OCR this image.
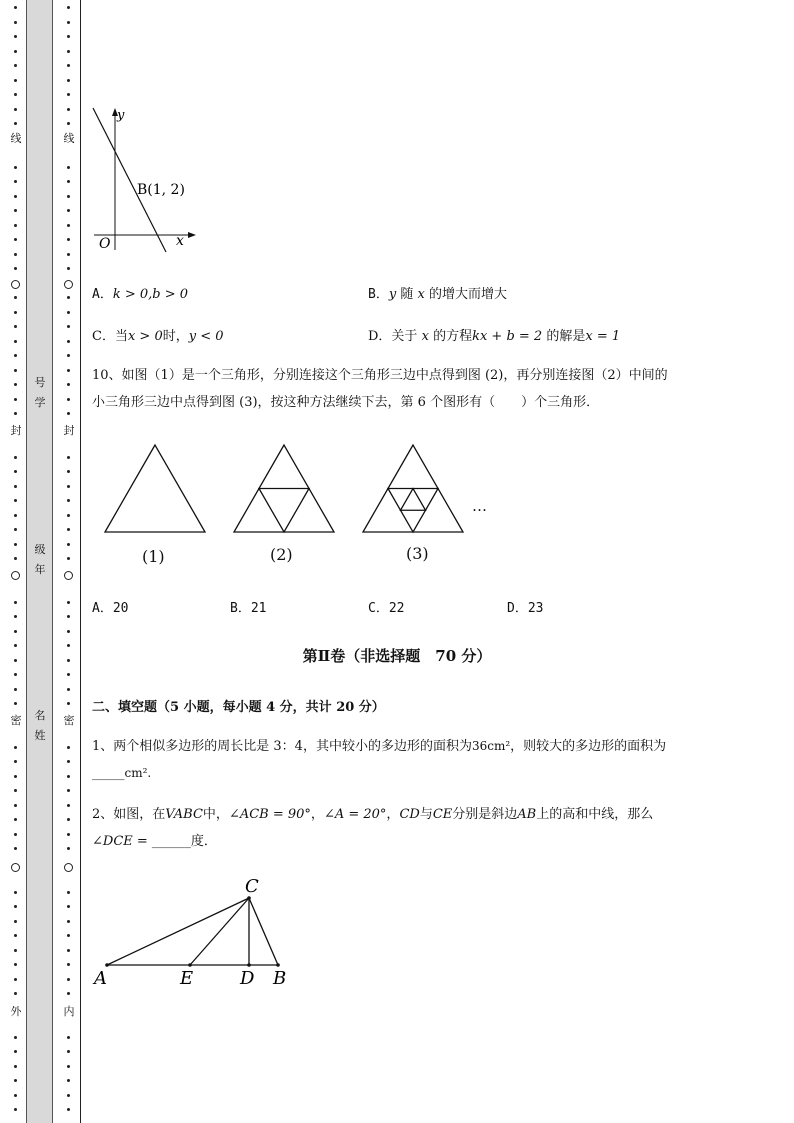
线
封
密
外
线
封
密
内
号
学
级
年
名
姓
y
x
O
B(1, 2)
A．k > 0,b > 0	B．y 随 x 的增大而增大
C．当x > 0时，y < 0	D．关于 x 的方程kx + b = 2 的解是x = 1
10、如图（1）是一个三角形，分别连接这个三角形三边中点得到图 (2)，再分别连接图（2）中间的
小三角形三边中点得到图 (3)，按这种方法继续下去，第 6 个图形有（　　）个三角形．
…
(1)	(2)	(3)
A．20	B．21	C．22	D．23
第Ⅱ卷（非选择题　70 分）
二、填空题（5 小题，每小题 4 分，共计 20 分）
1、两个相似多边形的周长比是 3：4，其中较小的多边形的面积为36cm²，则较大的多边形的面积为
_____cm².
2、如图，在VABC中，∠ACB = 90°，∠A = 20°，CD与CE分别是斜边AB上的高和中线，那么
∠DCE = ______度．
A	E	D B
C
